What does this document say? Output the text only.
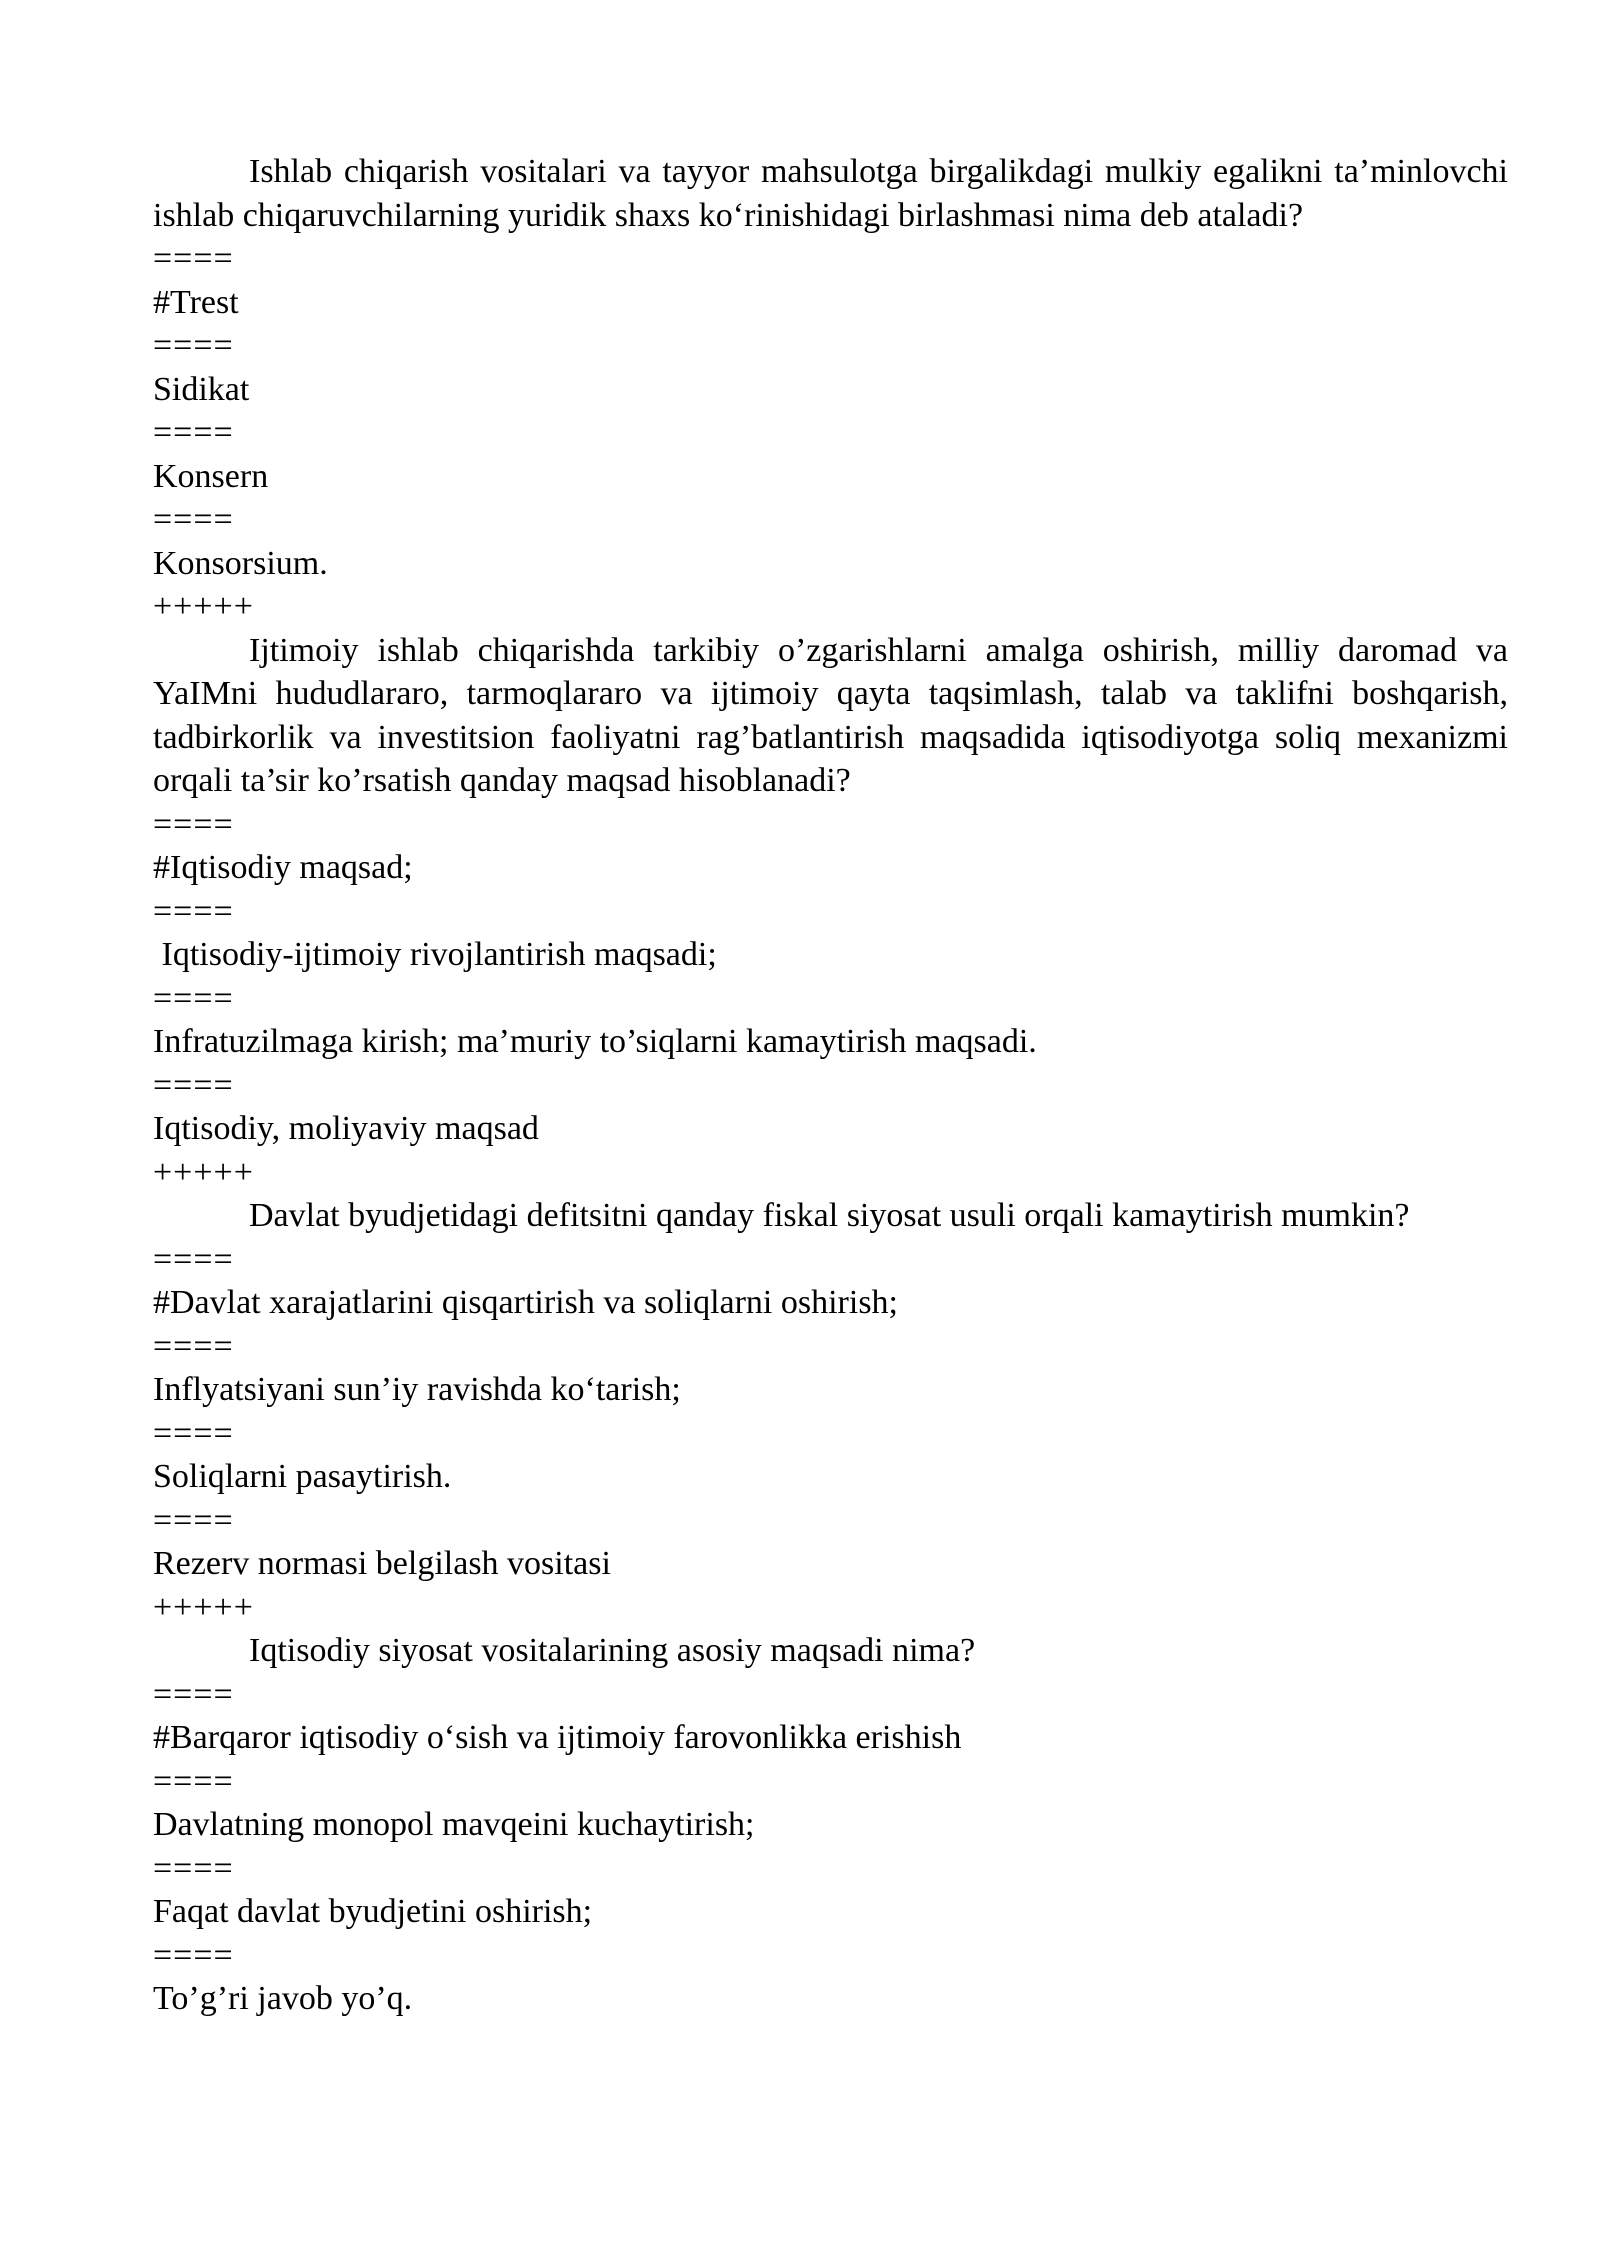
Ishlab chiqarish vositalari va tayyor mahsulotga birgalikdagi mulkiy egalikni ta’minlovchi ishlab chiqaruvchilarning yuridik shaxs ko‘rinishidagi birlashmasi nima deb ataladi?

====
#Trest
====
Sidikat
====
Konsern
====
Konsorsium.
+++++

Ijtimoiy ishlab chiqarishda tarkibiy o’zgarishlarni amalga oshirish, milliy daromad va YaIMni hududlararo, tarmoqlararo va ijtimoiy qayta taqsimlash, talab va taklifni boshqarish, tadbirkorlik va investitsion faoliyatni rag’batlantirish maqsadida iqtisodiyotga soliq mexanizmi orqali ta’sir ko’rsatish qanday maqsad hisoblanadi?

====
#Iqtisodiy maqsad;
====
Iqtisodiy-ijtimoiy rivojlantirish maqsadi;
====
Infratuzilmaga kirish; ma’muriy to’siqlarni kamaytirish maqsadi.
====
Iqtisodiy, moliyaviy maqsad
+++++

Davlat byudjetidagi defitsitni qanday fiskal siyosat usuli orqali kamaytirish mumkin?

====
#Davlat xarajatlarini qisqartirish va soliqlarni oshirish;
====
Inflyatsiyani sun’iy ravishda ko‘tarish;
====
Soliqlarni pasaytirish.
====
Rezerv normasi belgilash vositasi
+++++

Iqtisodiy siyosat vositalarining asosiy maqsadi nima?

====
#Barqaror iqtisodiy o‘sish va ijtimoiy farovonlikka erishish
====
Davlatning monopol mavqeini kuchaytirish;
====
Faqat davlat byudjetini oshirish;
====
To’g’ri javob yo’q.
